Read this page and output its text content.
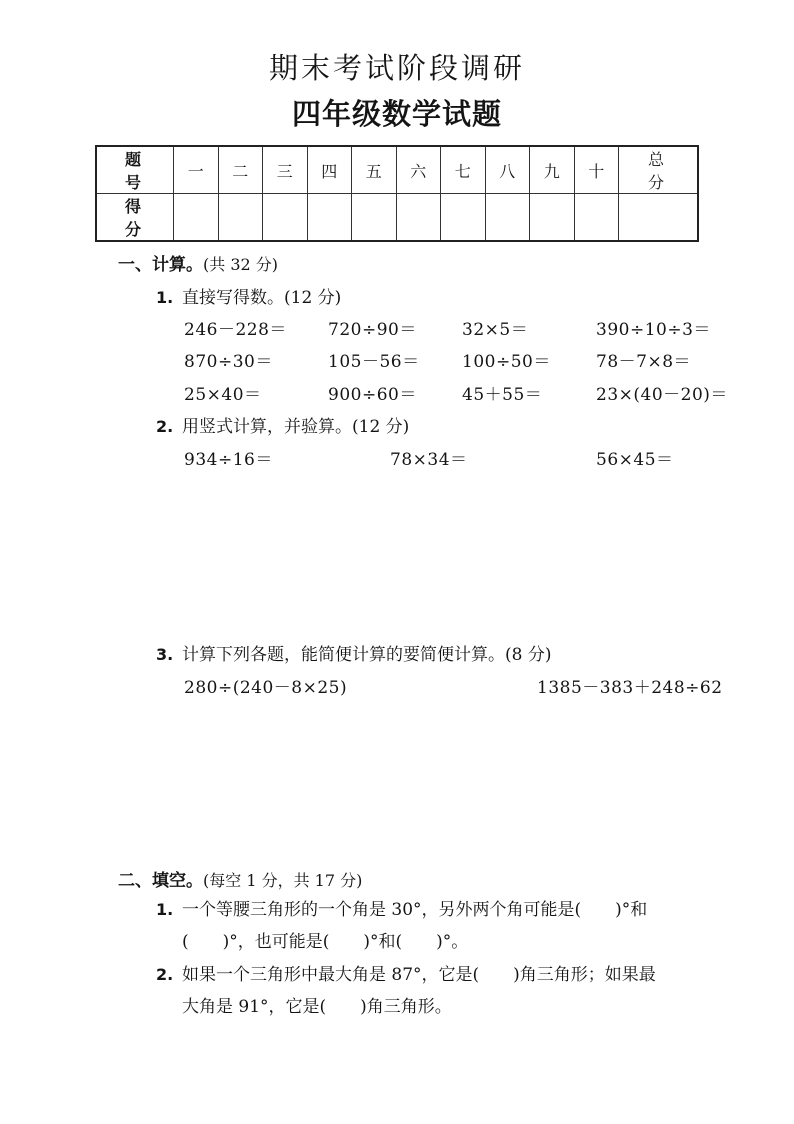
期末考试阶段调研
四年级数学试题
题 号	一	二	三	四	五	六	七	八	九	十	总 分
得 分											
一、计算。(共 32 分)
1. 直接写得数。(12 分)
246－228＝ 720÷90＝	32×5＝	390÷10÷3＝
870÷30＝	105－56＝ 100÷50＝	78－7×8＝
25×40＝	900÷60＝	45＋55＝	23×(40－20)＝
2. 用竖式计算，并验算。(12 分)
934÷16＝	78×34＝	56×45＝
3. 计算下列各题，能简便计算的要简便计算。(8 分)
280÷(240－8×25)	1385－383＋248÷62
二、填空。(每空 1 分，共 17 分)
1. 一个等腰三角形的一个角是 30°，另外两个角可能是(　　)°和
(　　)°，也可能是(　　)°和(　　)°。
2. 如果一个三角形中最大角是 87°，它是(　　)角三角形；如果最
大角是 91°，它是(　　)角三角形。
